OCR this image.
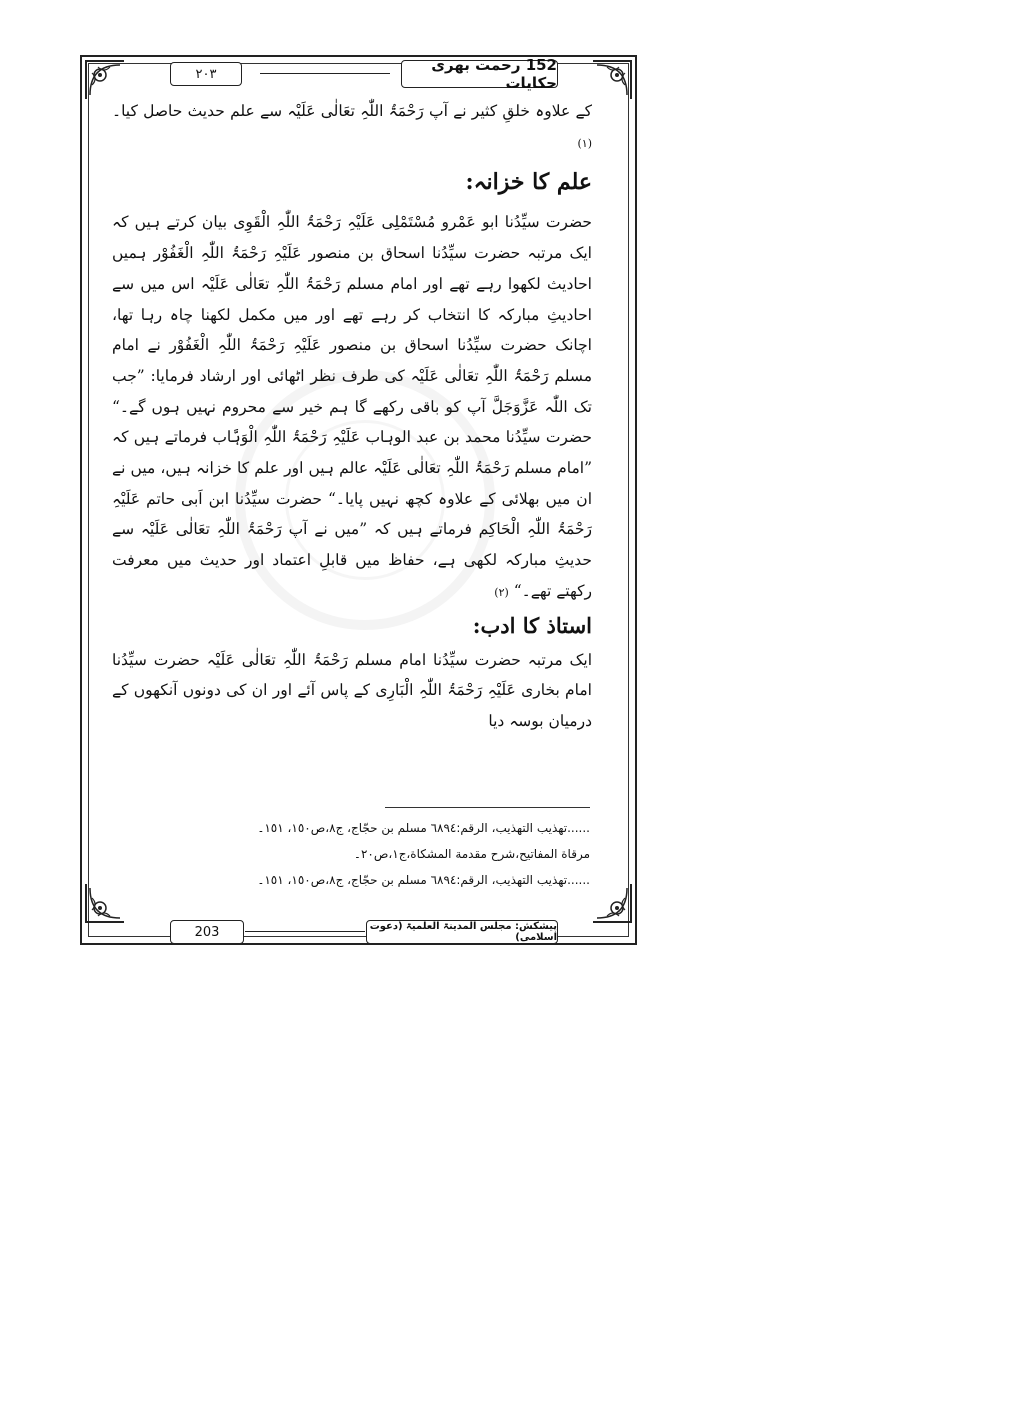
۲۰۳	152 رحمت بھری حکایات

کے علاوہ خلقِ کثیر نے آپ رَحْمَۃُ اللّٰہِ تعَالٰی عَلَیْہ سے علم حدیث حاصل کیا۔ (۱)

علم کا خزانہ:

حضرت سیِّدُنا ابو عَمْرو مُسْتَمْلِی عَلَیْہِ رَحْمَۃُ اللّٰہِ الْقَوِی بیان کرتے ہیں کہ ایک مرتبہ حضرت سیِّدُنا اسحاق بن منصور عَلَیْہِ رَحْمَۃُ اللّٰہِ الْغَفُوْر ہمیں احادیث لکھوا رہے تھے اور امام مسلم رَحْمَۃُ اللّٰہِ تعَالٰی عَلَیْہ اس میں سے احادیثِ مبارکہ کا انتخاب کر رہے تھے اور میں مکمل لکھنا چاہ رہا تھا، اچانک حضرت سیِّدُنا اسحاق بن منصور عَلَیْہِ رَحْمَۃُ اللّٰہِ الْغَفُوْر نے امام مسلم رَحْمَۃُ اللّٰہِ تعَالٰی عَلَیْہ کی طرف نظر اٹھائی اور ارشاد فرمایا: ”جب تک اللّٰہ عَزَّوَجَلَّ آپ کو باقی رکھے گا ہم خیر سے محروم نہیں ہوں گے۔“ حضرت سیِّدُنا محمد بن عبد الوہاب عَلَیْہِ رَحْمَۃُ اللّٰہِ الْوَہَّاب فرماتے ہیں کہ ”امام مسلم رَحْمَۃُ اللّٰہِ تعَالٰی عَلَیْہ عالم ہیں اور علم کا خزانہ ہیں، میں نے ان میں بھلائی کے علاوہ کچھ نہیں پایا۔“ حضرت سیِّدُنا ابن اَبی حاتم عَلَیْہِ رَحْمَۃُ اللّٰہِ الْحَاکِم فرماتے ہیں کہ ”میں نے آپ رَحْمَۃُ اللّٰہِ تعَالٰی عَلَیْہ سے حدیثِ مبارکہ لکھی ہے، حفاظ میں قابلِ اعتماد اور حدیث میں معرفت رکھتے تھے۔“ (۲)

استاذ کا ادب:

ایک مرتبہ حضرت سیِّدُنا امام مسلم رَحْمَۃُ اللّٰہِ تعَالٰی عَلَیْہ حضرت سیِّدُنا امام بخاری عَلَیْہِ رَحْمَۃُ اللّٰہِ الْبَارِی کے پاس آئے اور ان کی دونوں آنکھوں کے درمیان بوسہ دیا

......تهذيب التهذيب، الرقم:٦٨٩٤ مسلم بن حجّاج، ج٨،ص١٥٠، ١٥١۔

مرقاة المفاتيح،شرح مقدمة المشكاة،ج١،ص٢٠۔

......تهذيب التهذيب، الرقم:٦٨٩٤ مسلم بن حجّاج، ج٨،ص١٥٠، ١٥١۔

203	پیشکش: مجلس المدینۃ العلمیۃ (دعوت اسلامی)
